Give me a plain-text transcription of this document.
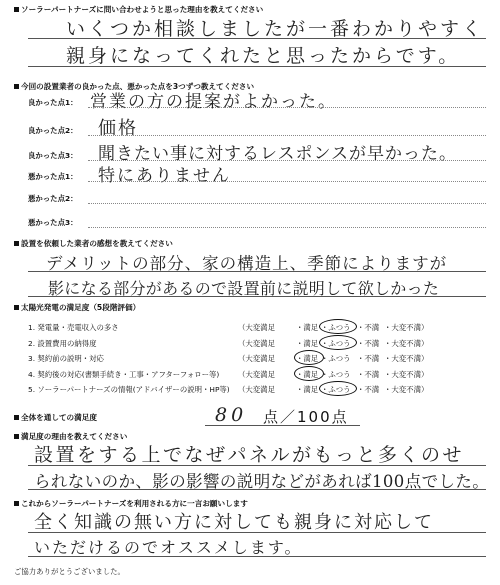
ソーラーパートナーズに問い合わせようと思った理由を教えてください
いくつか相談しましたが一番わかりやすく
親身になってくれたと思ったからです。
今回の設置業者の良かった点、悪かった点を3つずつ教えてください
良かった点1： 営業の方の提案がよかった。
良かった点2： 価格
良かった点3： 聞きたい事に対するレスポンスが早かった。
悪かった点1： 特にありません
悪かった点2：
悪かった点3：
設置を依頼した業者の感想を教えてください
デメリットの部分、家の構造上、季節によりますが
影になる部分があるので設置前に説明して欲しかった
太陽光発電の満足度（5段階評価）
1. 発電量・売電収入の多さ	（大変満足	・満足 ・ふつう ・不満 ・大変不満）
2. 設置費用の納得度	（大変満足	・満足 ・ふつう ・不満 ・大変不満）
3. 契約前の説明・対応	（大変満足	・満足 ・ふつう ・不満 ・大変不満）
4. 契約後の対応(書類手続き・工事・アフターフォロー等)	（大変満足	・満足 ・ふつう ・不満 ・大変不満）
5. ソーラーパートナーズの情報(アドバイザーの説明・HP等) （大変満足	・満足 ・ふつう ・不満 ・大変不満）
全体を通しての満足度	80 点／100点
満足度の理由を教えてください
設置をする上でなぜパネルがもっと多くのせ
られないのか、影の影響の説明などがあれば100点でした。
これからソーラーパートナーズを利用される方に一言お願いします
全く知識の無い方に対しても親身に対応して
いただけるのでオススメします。
ご協力ありがとうございました。
